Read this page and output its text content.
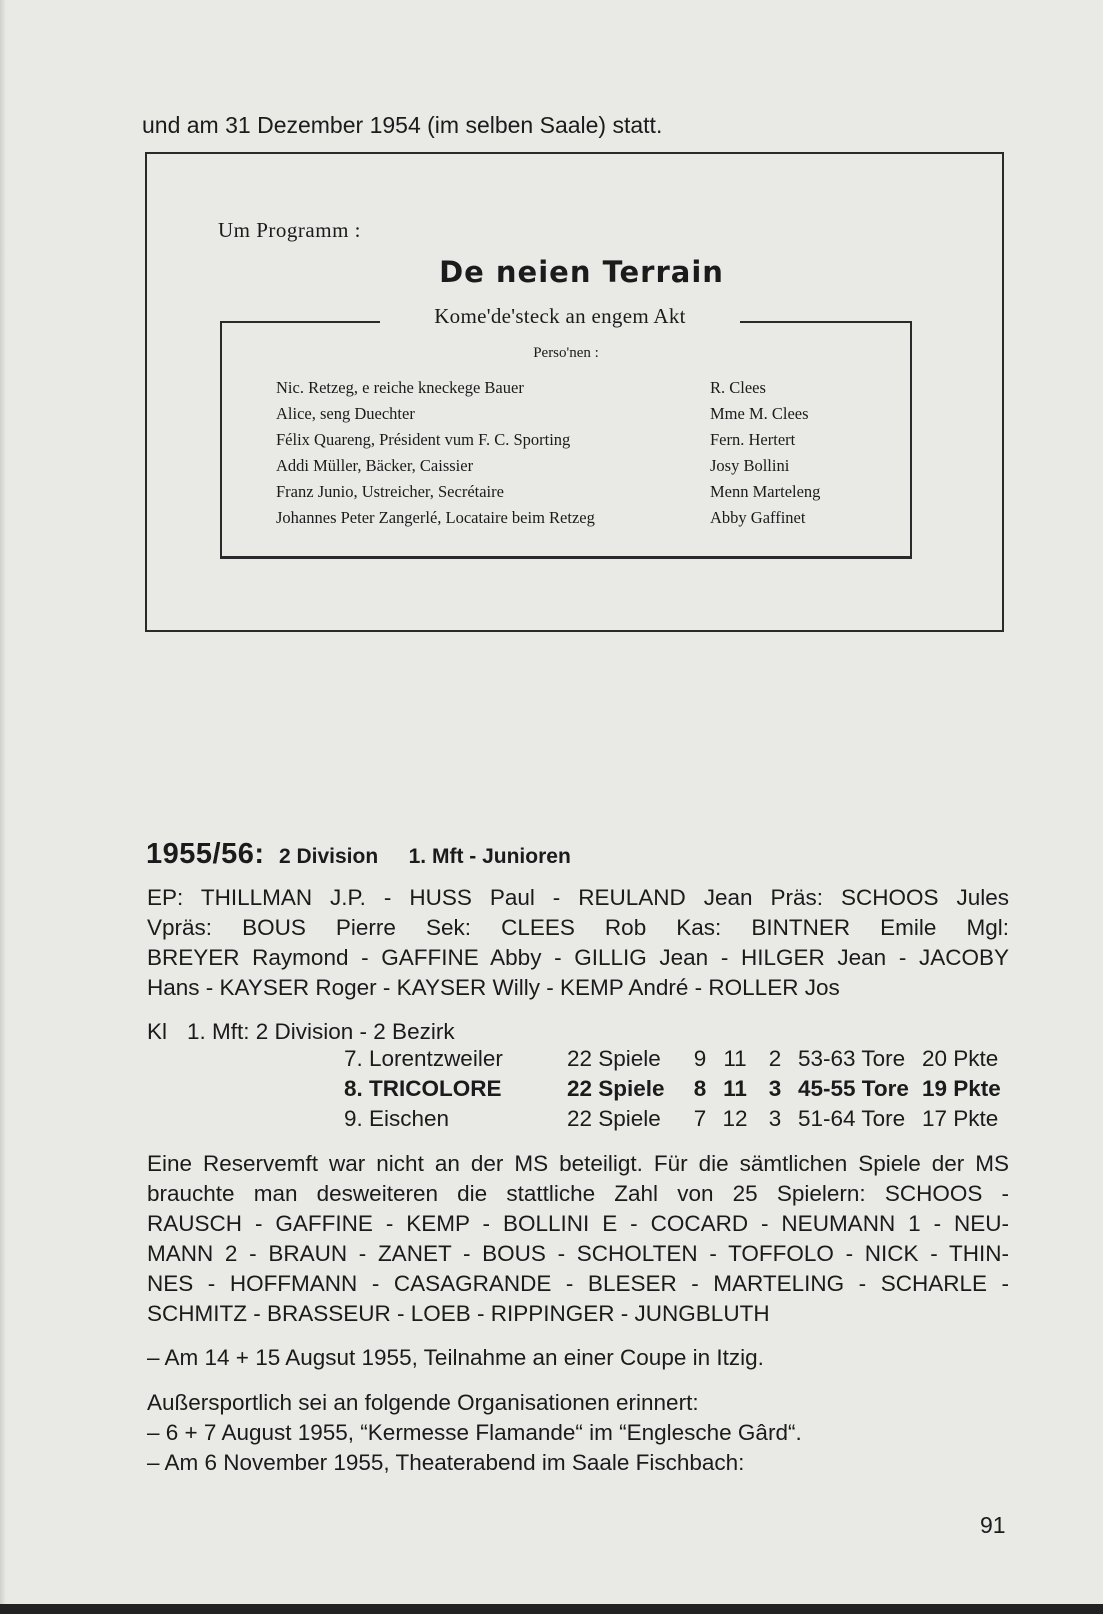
und am 31 Dezember 1954 (im selben Saale) statt.
Um Programm :
De neien Terrain
Kome'de'steck an engem Akt
Perso'nen :
Nic. Retzeg, e reiche kneckege Bauer	R. Clees
Alice, seng Duechter	Mme M. Clees
Félix Quareng, Président vum F. C. Sporting	Fern. Hertert
Addi Müller, Bäcker, Caissier	Josy Bollini
Franz Junio, Ustreicher, Secrétaire	Menn Marteleng
Johannes Peter Zangerlé, Locataire beim Retzeg	Abby Gaffinet
1955/56: 2 Division 1. Mft - Junioren
EP: THILLMAN J.P. - HUSS Paul - REULAND Jean Präs: SCHOOS Jules
Vpräs: BOUS Pierre Sek: CLEES Rob Kas: BINTNER Emile Mgl:
BREYER Raymond - GAFFINE Abby - GILLIG Jean - HILGER Jean - JACOBY
Hans - KAYSER Roger - KAYSER Willy - KEMP André - ROLLER Jos
Kl 1. Mft: 2 Division - 2 Bezirk
7. Lorentzweiler	22 Spiele 9 11 2 53-63 Tore 20 Pkte
8. TRICOLORE	22 Spiele 8 11 3 45-55 Tore 19 Pkte
9. Eischen	22 Spiele 7 12 3 51-64 Tore 17 Pkte
Eine Reservemft war nicht an der MS beteiligt. Für die sämtlichen Spiele der MS
brauchte man desweiteren die stattliche Zahl von 25 Spielern: SCHOOS -
RAUSCH - GAFFINE - KEMP - BOLLINI E - COCARD - NEUMANN 1 - NEU-
MANN 2 - BRAUN - ZANET - BOUS - SCHOLTEN - TOFFOLO - NICK - THIN-
NES - HOFFMANN - CASAGRANDE - BLESER - MARTELING - SCHARLE -
SCHMITZ - BRASSEUR - LOEB - RIPPINGER - JUNGBLUTH
– Am 14 + 15 Augsut 1955, Teilnahme an einer Coupe in Itzig.
Außersportlich sei an folgende Organisationen erinnert:
– 6 + 7 August 1955, “Kermesse Flamande“ im “Englesche Gârd“.
– Am 6 November 1955, Theaterabend im Saale Fischbach:
91
